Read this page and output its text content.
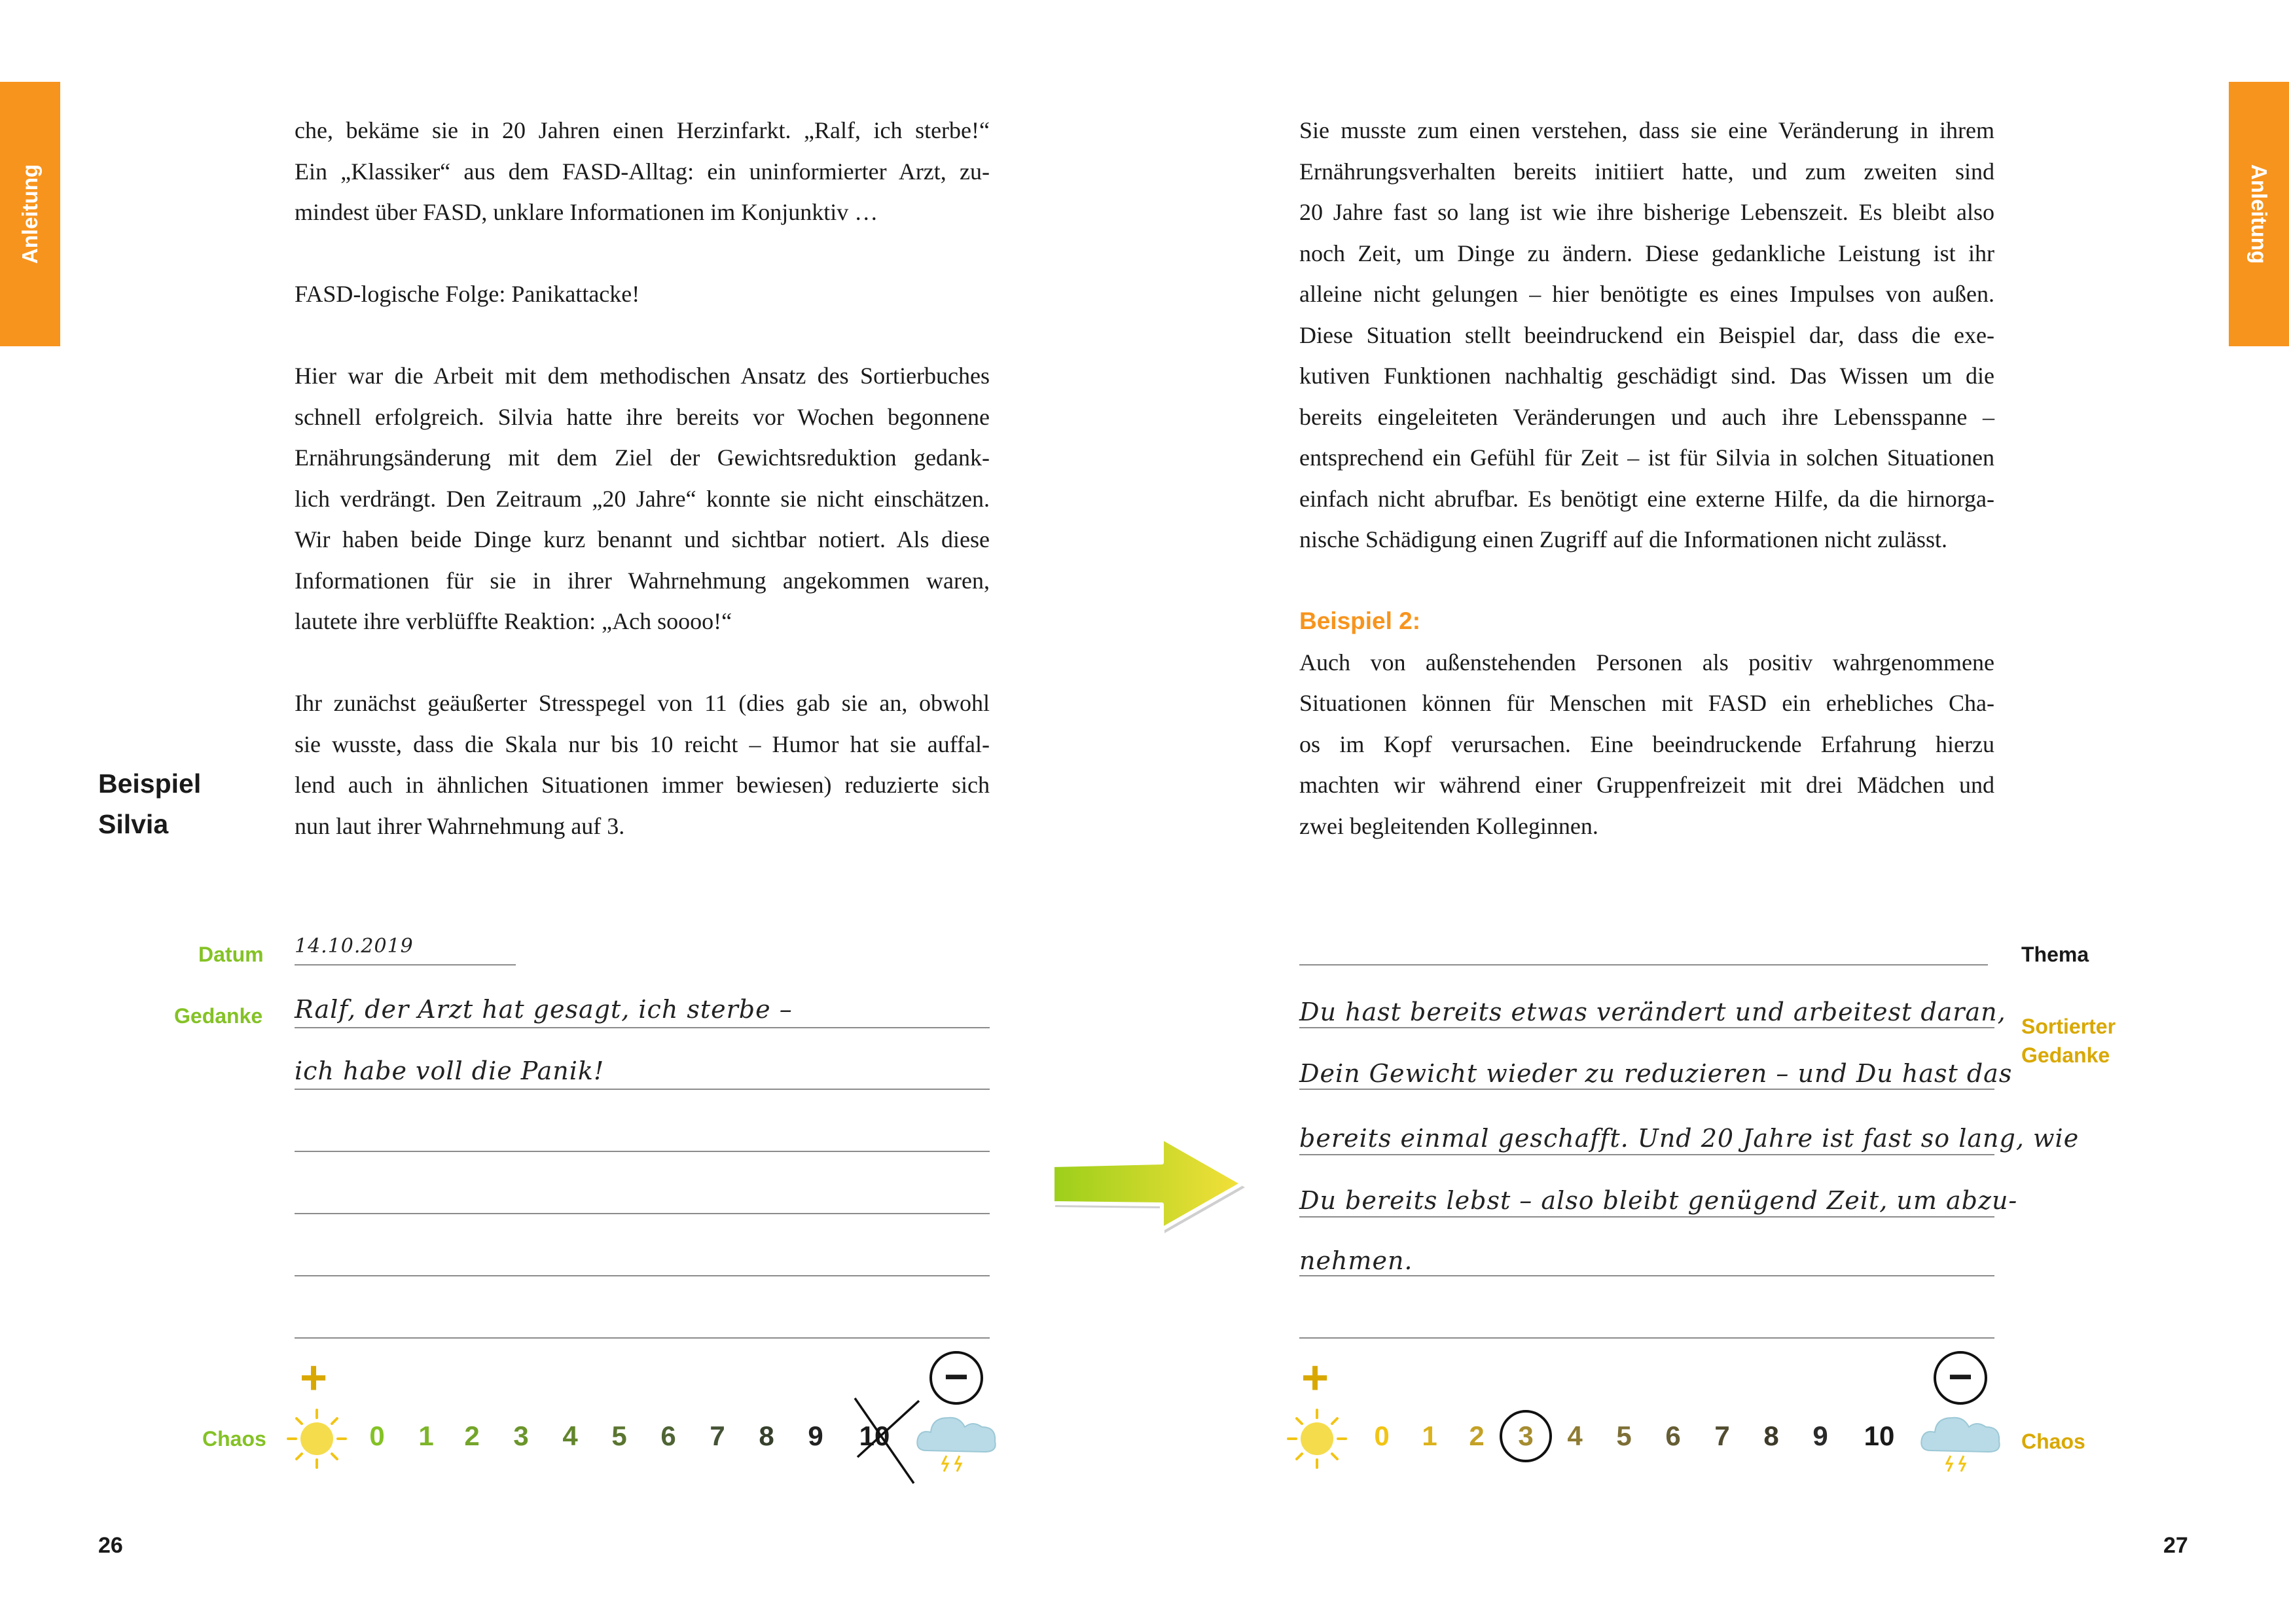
Anleitung	Anleitung
che, bekäme sie in 20 Jahren einen Herzinfarkt. „Ralf, ich sterbe!“
Ein „Klassiker“ aus dem FASD-Alltag: ein uninformierter Arzt, zu-
mindest über FASD, unklare Informationen im Konjunktiv …
FASD-logische Folge: Panikattacke!
Hier war die Arbeit mit dem methodischen Ansatz des Sortierbuches
schnell erfolgreich. Silvia hatte ihre bereits vor Wochen begonnene
Ernährungsänderung mit dem Ziel der Gewichtsreduktion gedank-
lich verdrängt. Den Zeitraum „20 Jahre“ konnte sie nicht einschätzen.
Wir haben beide Dinge kurz benannt und sichtbar notiert. Als diese
Informationen für sie in ihrer Wahrnehmung angekommen waren,
lautete ihre verblüffte Reaktion: „Ach soooo!“
Ihr zunächst geäußerter Stresspegel von 11 (dies gab sie an, obwohl
sie wusste, dass die Skala nur bis 10 reicht – Humor hat sie auffal-
lend auch in ähnlichen Situationen immer bewiesen) reduzierte sich
nun laut ihrer Wahrnehmung auf 3.
Beispiel
Silvia
Datum 14.10.2019
Gedanke Ralf, der Arzt hat gesagt, ich sterbe –
ich habe voll die Panik!
+	−
Chaos	0	1	2	3	4	5	6	7	8	9	10
26
Sie musste zum einen verstehen, dass sie eine Veränderung in ihrem
Ernährungsverhalten bereits initiiert hatte, und zum zweiten sind
20 Jahre fast so lang ist wie ihre bisherige Lebenszeit. Es bleibt also
noch Zeit, um Dinge zu ändern. Diese gedankliche Leistung ist ihr
alleine nicht gelungen – hier benötigte es eines Impulses von außen.
Diese Situation stellt beeindruckend ein Beispiel dar, dass die exe-
kutiven Funktionen nachhaltig geschädigt sind. Das Wissen um die
bereits eingeleiteten Veränderungen und auch ihre Lebensspanne –
entsprechend ein Gefühl für Zeit – ist für Silvia in solchen Situationen
einfach nicht abrufbar. Es benötigt eine externe Hilfe, da die hirnorga-
nische Schädigung einen Zugriff auf die Informationen nicht zulässt.
Beispiel 2:
Auch von außenstehenden Personen als positiv wahrgenommene
Situationen können für Menschen mit FASD ein erhebliches Cha-
os im Kopf verursachen. Eine beeindruckende Erfahrung hierzu
machten wir während einer Gruppenfreizeit mit drei Mädchen und
zwei begleitenden Kolleginnen.
Thema
Sortierter
Gedanke
Du hast bereits etwas verändert und arbeitest daran,
Dein Gewicht wieder zu reduzieren – und Du hast das
bereits einmal geschafft. Und 20 Jahre ist fast so lang, wie
Du bereits lebst – also bleibt genügend Zeit, um abzu-
nehmen.
+	−
0	1	2	3	4	5	6	7	8	9	10	Chaos
27
